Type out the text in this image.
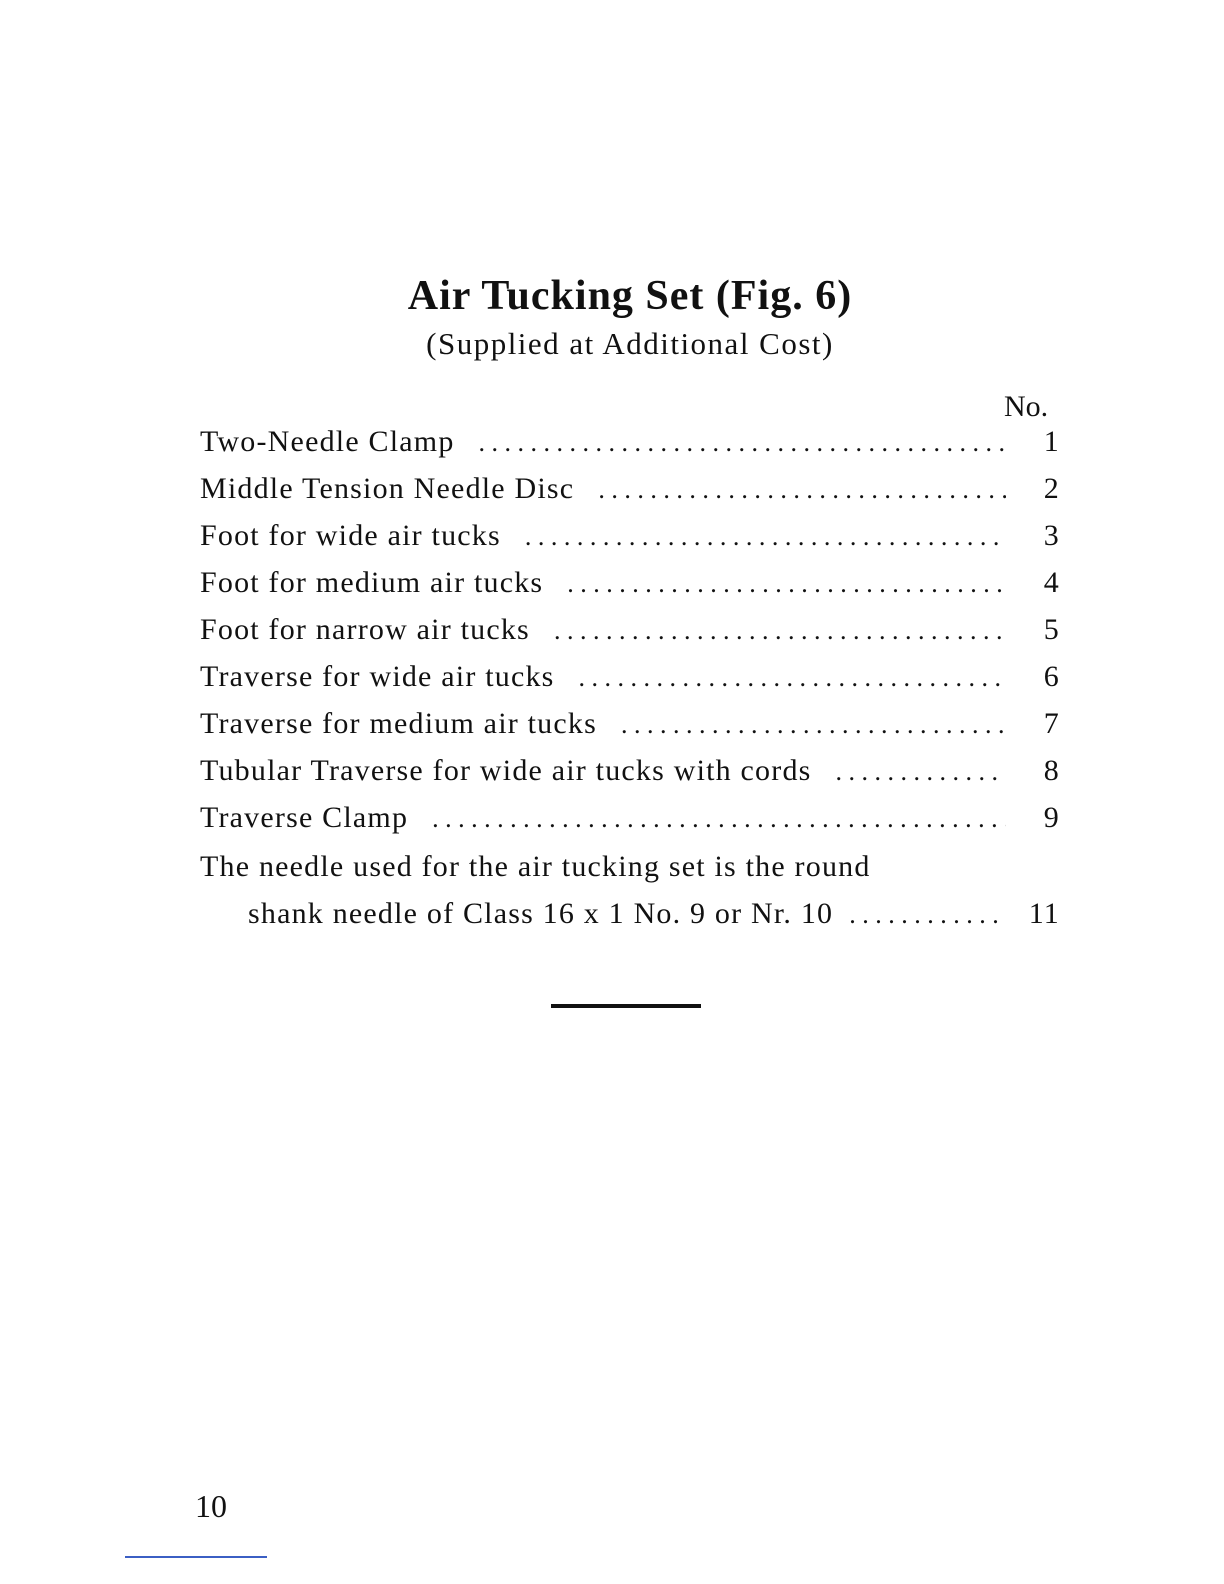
Air Tucking Set (Fig. 6)
(Supplied at Additional Cost)
No.
Two-Needle Clamp . . .	1
Middle Tension Needle Disc . . .	2
Foot for wide air tucks . . .	3
Foot for medium air tucks . . .	4
Foot for narrow air tucks . . .	5
Traverse for wide air tucks . . .	6
Traverse for medium air tucks . . .	7
Tubular Traverse for wide air tucks with cords . . .	8
Traverse Clamp . . .	9
The needle used for the air tucking set is the round
shank needle of Class 16 x 1 No. 9 or Nr. 10 . . .	11
10
